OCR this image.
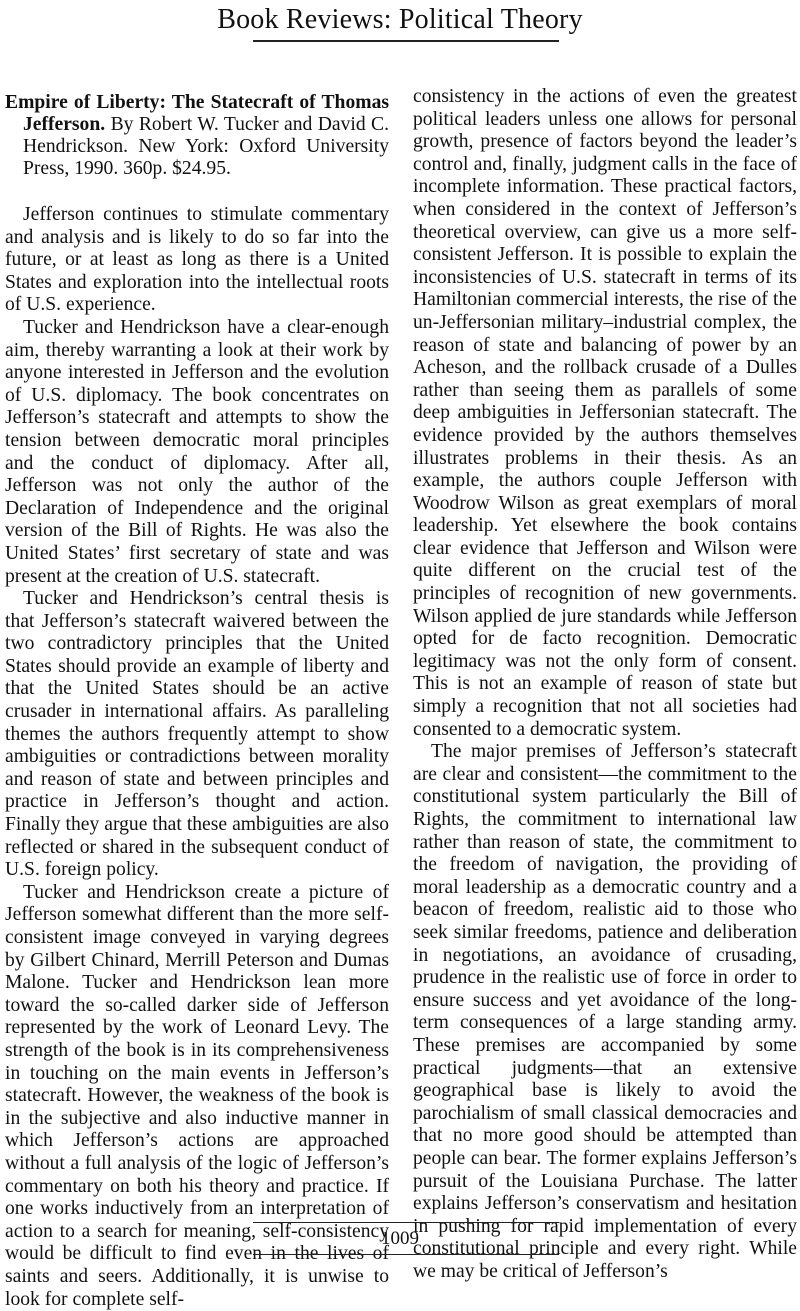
Book Reviews: Political Theory
Empire of Liberty: The Statecraft of Thomas Jefferson. By Robert W. Tucker and David C. Hendrickson. New York: Oxford University Press, 1990. 360p. $24.95.

Jefferson continues to stimulate commentary and analysis and is likely to do so far into the future, or at least as long as there is a United States and exploration into the intellectual roots of U.S. experience.

Tucker and Hendrickson have a clear-enough aim, thereby warranting a look at their work by anyone interested in Jefferson and the evolution of U.S. diplomacy. The book concentrates on Jefferson’s statecraft and attempts to show the tension between democratic moral principles and the conduct of diplomacy. After all, Jefferson was not only the author of the Declaration of Independence and the original version of the Bill of Rights. He was also the United States’ first secretary of state and was present at the creation of U.S. statecraft.

Tucker and Hendrickson’s central thesis is that Jefferson’s statecraft waivered between the two contradictory principles that the United States should provide an example of liberty and that the United States should be an active crusader in international affairs. As paralleling themes the authors frequently attempt to show ambiguities or contradictions between morality and reason of state and between principles and practice in Jefferson’s thought and action. Finally they argue that these ambiguities are also reflected or shared in the subsequent conduct of U.S. foreign policy.

Tucker and Hendrickson create a picture of Jefferson somewhat different than the more self-consistent image conveyed in varying degrees by Gilbert Chinard, Merrill Peterson and Dumas Malone. Tucker and Hendrickson lean more toward the so-called darker side of Jefferson represented by the work of Leonard Levy. The strength of the book is in its comprehensiveness in touching on the main events in Jefferson’s statecraft. However, the weakness of the book is in the subjective and also inductive manner in which Jefferson’s actions are approached without a full analysis of the logic of Jefferson’s commentary on both his theory and practice. If one works inductively from an interpretation of action to a search for meaning, self-consistency would be difficult to find even in the lives of saints and seers. Additionally, it is unwise to look for complete self-

consistency in the actions of even the greatest political leaders unless one allows for personal growth, presence of factors beyond the leader’s control and, finally, judgment calls in the face of incomplete information. These practical factors, when considered in the context of Jefferson’s theoretical overview, can give us a more self-consistent Jefferson. It is possible to explain the inconsistencies of U.S. statecraft in terms of its Hamiltonian commercial interests, the rise of the un-Jeffersonian military–industrial complex, the reason of state and balancing of power by an Acheson, and the rollback crusade of a Dulles rather than seeing them as parallels of some deep ambiguities in Jeffersonian statecraft. The evidence provided by the authors themselves illustrates problems in their thesis. As an example, the authors couple Jefferson with Woodrow Wilson as great exemplars of moral leadership. Yet elsewhere the book contains clear evidence that Jefferson and Wilson were quite different on the crucial test of the principles of recognition of new governments. Wilson applied de jure standards while Jefferson opted for de facto recognition. Democratic legitimacy was not the only form of consent. This is not an example of reason of state but simply a recognition that not all societies had consented to a democratic system.

The major premises of Jefferson’s statecraft are clear and consistent—the commitment to the constitutional system particularly the Bill of Rights, the commitment to international law rather than reason of state, the commitment to the freedom of navigation, the providing of moral leadership as a democratic country and a beacon of freedom, realistic aid to those who seek similar freedoms, patience and deliberation in negotiations, an avoidance of crusading, prudence in the realistic use of force in order to ensure success and yet avoidance of the long-term consequences of a large standing army. These premises are accompanied by some practical judgments—that an extensive geographical base is likely to avoid the parochialism of small classical democracies and that no more good should be attempted than people can bear. The former explains Jefferson’s pursuit of the Louisiana Purchase. The latter explains Jefferson’s conservatism and hesitation in pushing for rapid implementation of every constitutional principle and every right. While we may be critical of Jefferson’s

1009
